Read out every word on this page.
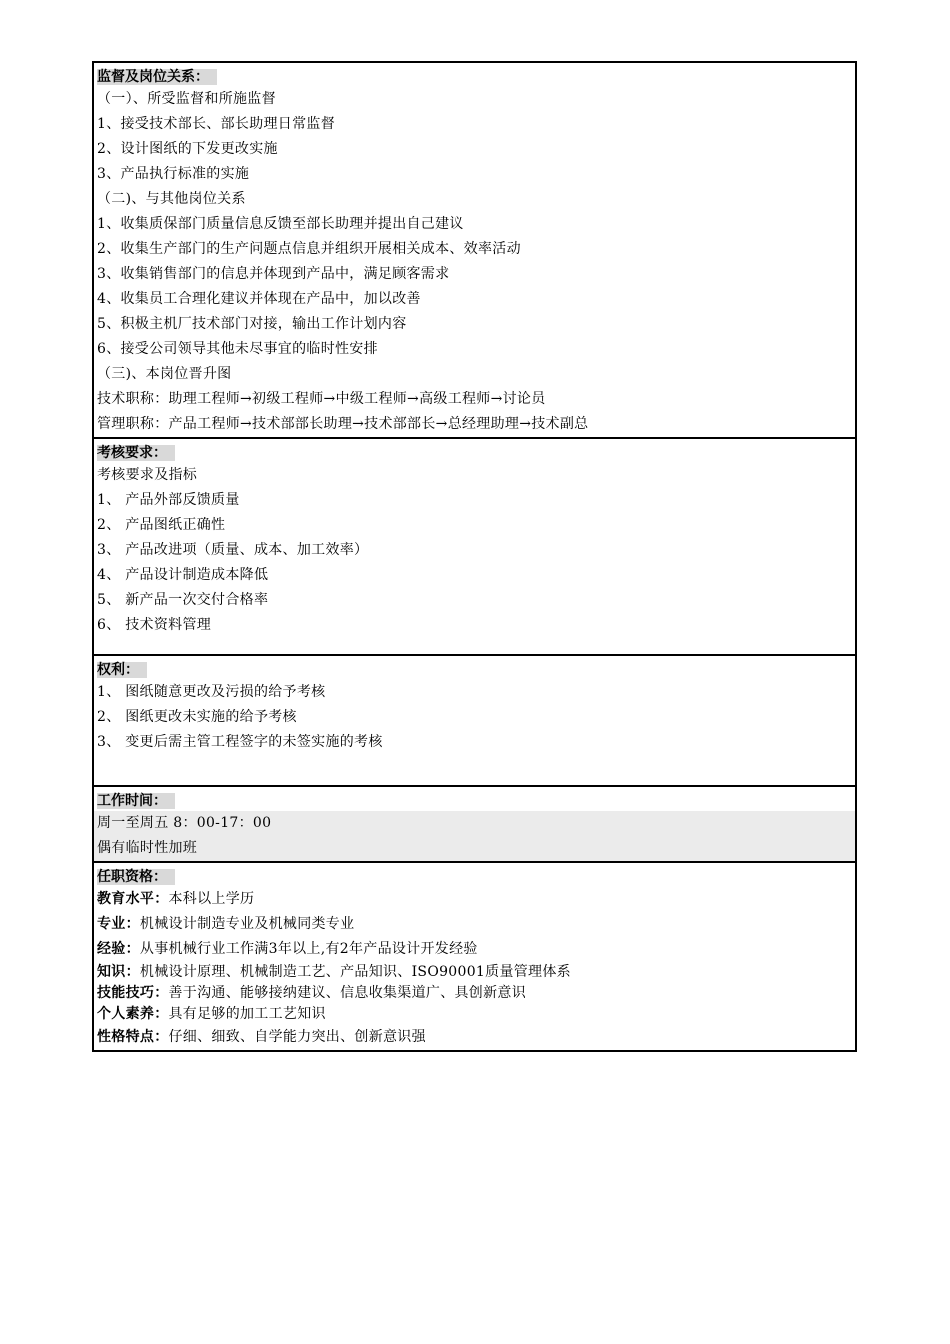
监督及岗位关系：
（一）、所受监督和所施监督
1、接受技术部长、部长助理日常监督
2、设计图纸的下发更改实施
3、产品执行标准的实施
（二)、与其他岗位关系
1、收集质保部门质量信息反馈至部长助理并提出自己建议
2、收集生产部门的生产问题点信息并组织开展相关成本、效率活动
3、收集销售部门的信息并体现到产品中，满足顾客需求
4、收集员工合理化建议并体现在产品中，加以改善
5、积极主机厂技术部门对接，输出工作计划内容
6、接受公司领导其他未尽事宜的临时性安排
（三)、本岗位晋升图
技术职称：助理工程师→初级工程师→中级工程师→高级工程师→讨论员
管理职称：产品工程师→技术部部长助理→技术部部长→总经理助理→技术副总
考核要求：
考核要求及指标
1、 产品外部反馈质量
2、 产品图纸正确性
3、 产品改进项（质量、成本、加工效率）
4、 产品设计制造成本降低
5、 新产品一次交付合格率
6、 技术资料管理
权利：
1、 图纸随意更改及污损的给予考核
2、 图纸更改未实施的给予考核
3、 变更后需主管工程签字的未签实施的考核
工作时间：
周一至周五 8：00-17：00
偶有临时性加班
任职资格：
教育水平：本科以上学历
专业：机械设计制造专业及机械同类专业
经验：从事机械行业工作满3年以上,有2年产品设计开发经验
知识：机械设计原理、机械制造工艺、产品知识、ISO90001质量管理体系
技能技巧：善于沟通、能够接纳建议、信息收集渠道广、具创新意识
个人素养：具有足够的加工工艺知识
性格特点：仔细、细致、自学能力突出、创新意识强
